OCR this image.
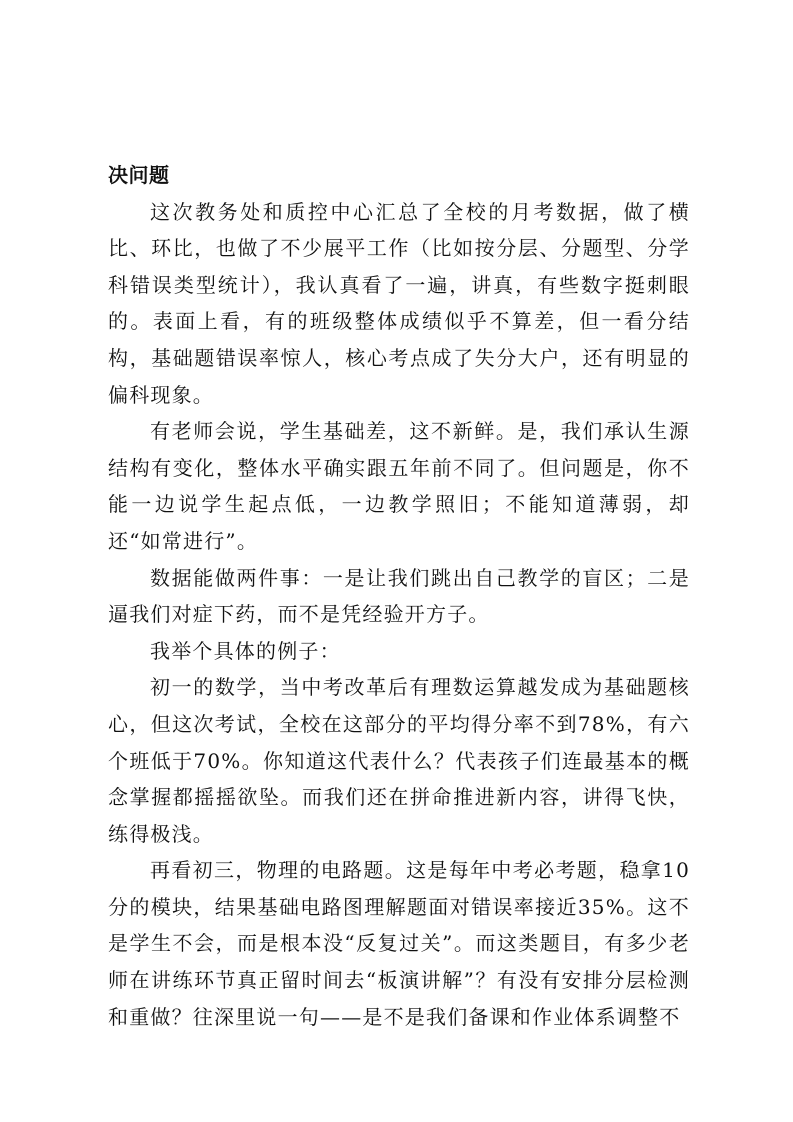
决问题

这次教务处和质控中心汇总了全校的月考数据，做了横比、环比，也做了不少展平工作（比如按分层、分题型、分学科错误类型统计），我认真看了一遍，讲真，有些数字挺刺眼的。表面上看，有的班级整体成绩似乎不算差，但一看分结构，基础题错误率惊人，核心考点成了失分大户，还有明显的偏科现象。

有老师会说，学生基础差，这不新鲜。是，我们承认生源结构有变化，整体水平确实跟五年前不同了。但问题是，你不能一边说学生起点低，一边教学照旧；不能知道薄弱，却还“如常进行”。

数据能做两件事：一是让我们跳出自己教学的盲区；二是逼我们对症下药，而不是凭经验开方子。

我举个具体的例子：

初一的数学，当中考改革后有理数运算越发成为基础题核心，但这次考试，全校在这部分的平均得分率不到78%，有六个班低于70%。你知道这代表什么？代表孩子们连最基本的概念掌握都摇摇欲坠。而我们还在拼命推进新内容，讲得飞快，练得极浅。

再看初三，物理的电路题。这是每年中考必考题，稳拿10分的模块，结果基础电路图理解题面对错误率接近35%。这不是学生不会，而是根本没“反复过关”。而这类题目，有多少老师在讲练环节真正留时间去“板演讲解”？有没有安排分层检测和重做？往深里说一句——是不是我们备课和作业体系调整不
